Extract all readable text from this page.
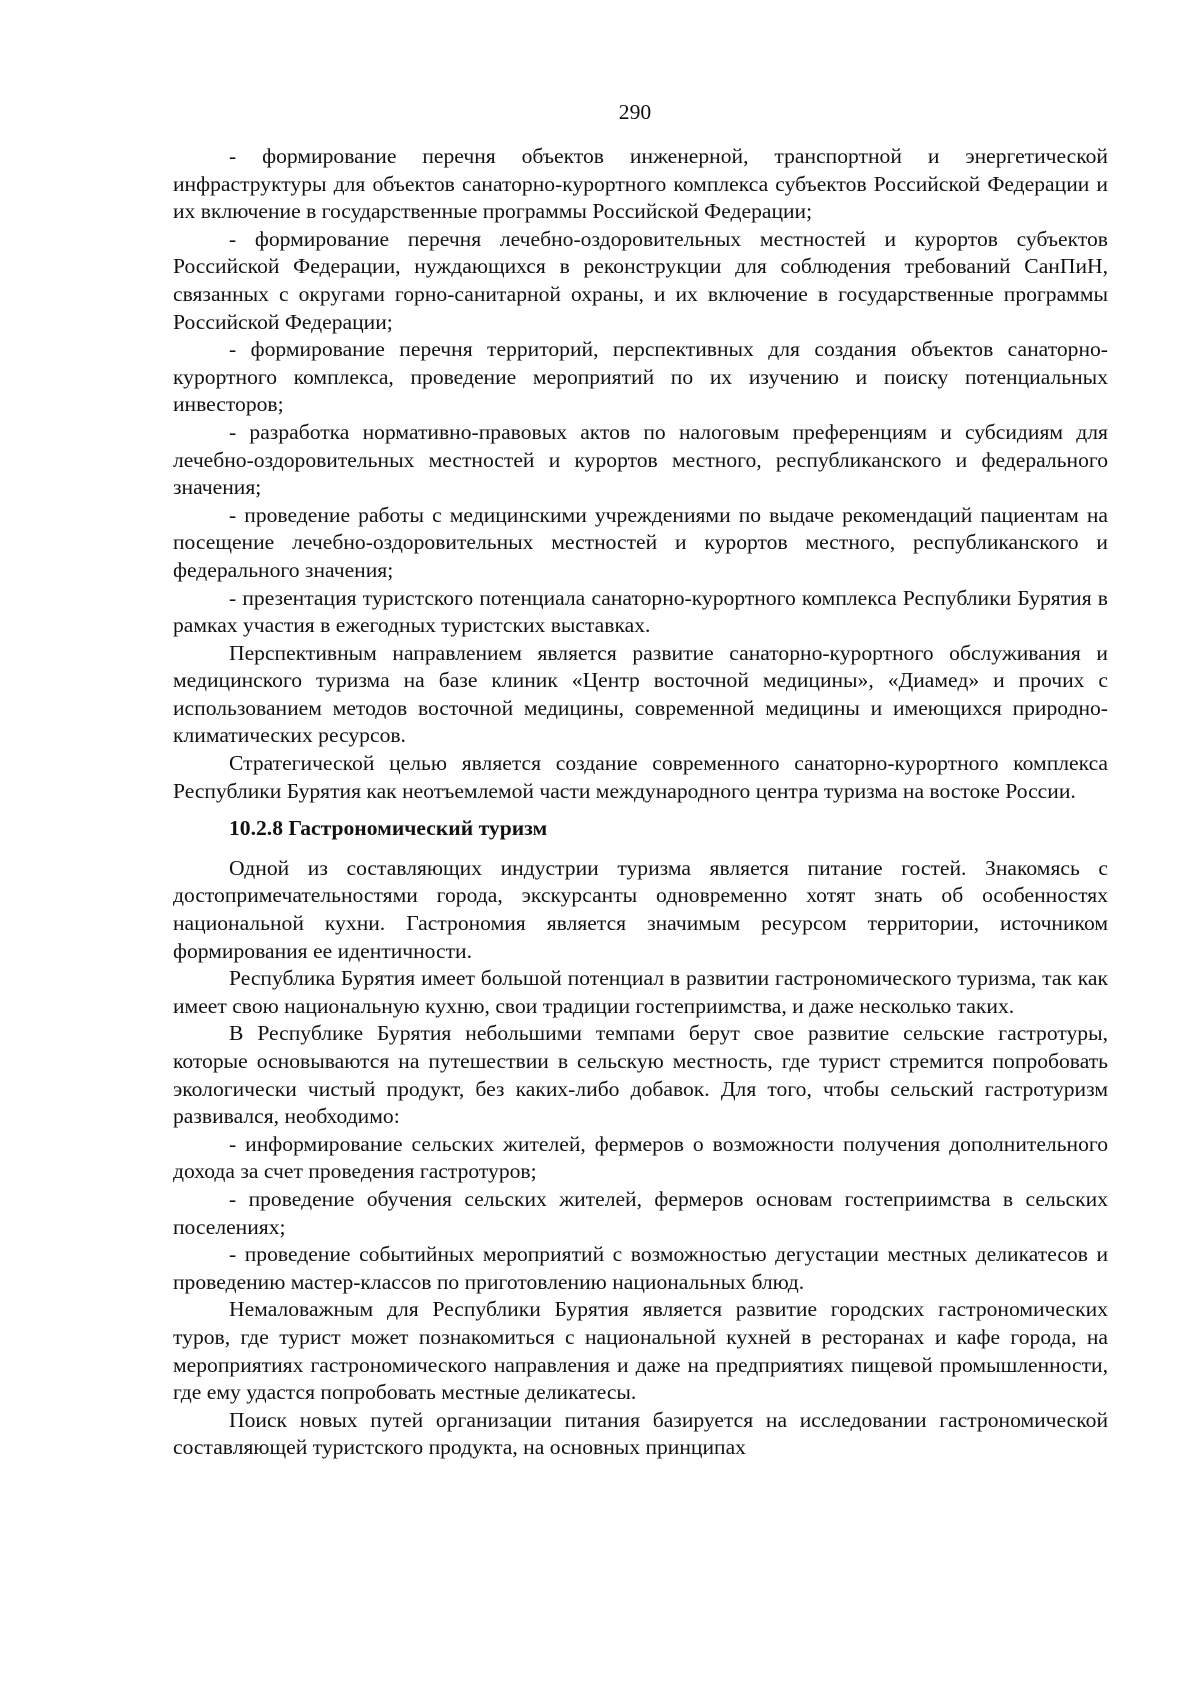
290

- формирование перечня объектов инженерной, транспортной и энергетической инфраструктуры для объектов санаторно-курортного комплекса субъектов Российской Федерации и их включение в государственные программы Российской Федерации;

- формирование перечня лечебно-оздоровительных местностей и курортов субъектов Российской Федерации, нуждающихся в реконструкции для соблюдения требований СанПиН, связанных с округами горно-санитарной охраны, и их включение в государственные программы Российской Федерации;

- формирование перечня территорий, перспективных для создания объектов санаторно-курортного комплекса, проведение мероприятий по их изучению и поиску потенциальных инвесторов;

- разработка нормативно-правовых актов по налоговым преференциям и субсидиям для лечебно-оздоровительных местностей и курортов местного, республиканского и федерального значения;

- проведение работы с медицинскими учреждениями по выдаче рекомендаций пациентам на посещение лечебно-оздоровительных местностей и курортов местного, республиканского и федерального значения;

- презентация туристского потенциала санаторно-курортного комплекса Республики Бурятия в рамках участия в ежегодных туристских выставках.

Перспективным направлением является развитие санаторно-курортного обслуживания и медицинского туризма на базе клиник «Центр восточной медицины», «Диамед» и прочих с использованием методов восточной медицины, современной медицины и имеющихся природно-климатических ресурсов.

Стратегической целью является создание современного санаторно-курортного комплекса Республики Бурятия как неотъемлемой части международного центра туризма на востоке России.

10.2.8 Гастрономический туризм

Одной из составляющих индустрии туризма является питание гостей. Знакомясь с достопримечательностями города, экскурсанты одновременно хотят знать об особенностях национальной кухни. Гастрономия является значимым ресурсом территории, источником формирования ее идентичности.

Республика Бурятия имеет большой потенциал в развитии гастрономического туризма, так как имеет свою национальную кухню, свои традиции гостеприимства, и даже несколько таких.

В Республике Бурятия небольшими темпами берут свое развитие сельские гастротуры, которые основываются на путешествии в сельскую местность, где турист стремится попробовать экологически чистый продукт, без каких-либо добавок. Для того, чтобы сельский гастротуризм развивался, необходимо:

- информирование сельских жителей, фермеров о возможности получения дополнительного дохода за счет проведения гастротуров;

- проведение обучения сельских жителей, фермеров основам гостеприимства в сельских поселениях;

- проведение событийных мероприятий с возможностью дегустации местных деликатесов и проведению мастер-классов по приготовлению национальных блюд.

Немаловажным для Республики Бурятия является развитие городских гастрономических туров, где турист может познакомиться с национальной кухней в ресторанах и кафе города, на мероприятиях гастрономического направления и даже на предприятиях пищевой промышленности, где ему удастся попробовать местные деликатесы.

Поиск новых путей организации питания базируется на исследовании гастрономической составляющей туристского продукта, на основных принципах
